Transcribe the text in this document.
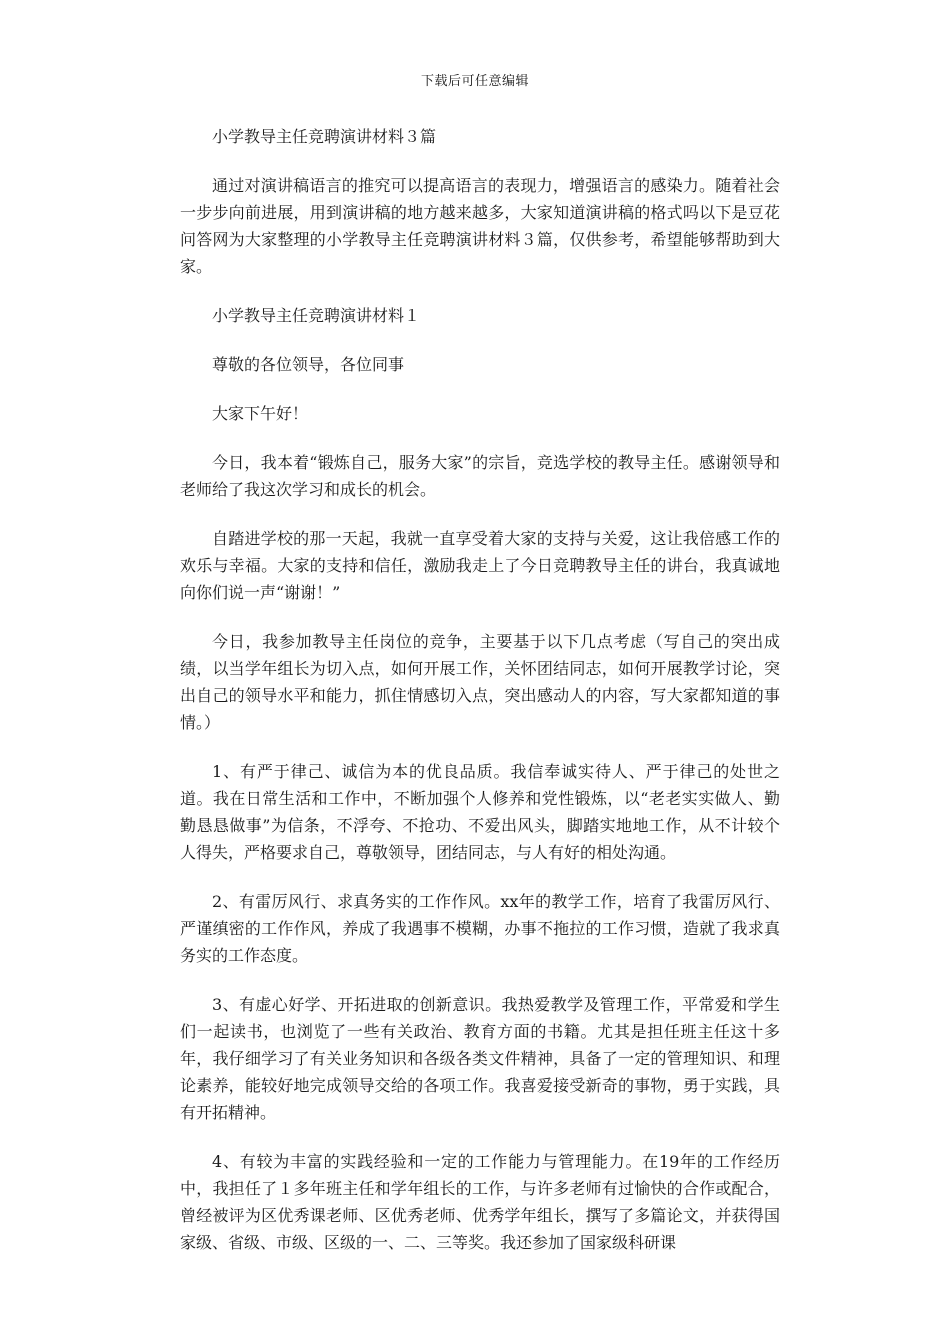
下载后可任意编辑

小学教导主任竞聘演讲材料３篇

通过对演讲稿语言的推究可以提高语言的表现力，增强语言的感染力。随着社会一步步向前进展，用到演讲稿的地方越来越多，大家知道演讲稿的格式吗以下是豆花问答网为大家整理的小学教导主任竞聘演讲材料３篇，仅供参考，希望能够帮助到大家。

小学教导主任竞聘演讲材料１

尊敬的各位领导，各位同事

大家下午好！

今日，我本着“锻炼自己，服务大家”的宗旨，竞选学校的教导主任。感谢领导和老师给了我这次学习和成长的机会。

自踏进学校的那一天起，我就一直享受着大家的支持与关爱，这让我倍感工作的欢乐与幸福。大家的支持和信任，激励我走上了今日竞聘教导主任的讲台，我真诚地向你们说一声“谢谢！”

今日，我参加教导主任岗位的竞争，主要基于以下几点考虑（写自己的突出成绩，以当学年组长为切入点，如何开展工作，关怀团结同志，如何开展教学讨论，突出自己的领导水平和能力，抓住情感切入点，突出感动人的内容，写大家都知道的事情。）

1、有严于律己、诚信为本的优良品质。我信奉诚实待人、严于律己的处世之道。我在日常生活和工作中，不断加强个人修养和党性锻炼，以“老老实实做人、勤勤恳恳做事”为信条，不浮夸、不抢功、不爱出风头，脚踏实地地工作，从不计较个人得失，严格要求自己，尊敬领导，团结同志，与人有好的相处沟通。

2、有雷厉风行、求真务实的工作作风。xx年的教学工作，培育了我雷厉风行、严谨缜密的工作作风，养成了我遇事不模糊，办事不拖拉的工作习惯，造就了我求真务实的工作态度。

3、有虚心好学、开拓进取的创新意识。我热爱教学及管理工作，平常爱和学生们一起读书，也浏览了一些有关政治、教育方面的书籍。尤其是担任班主任这十多年，我仔细学习了有关业务知识和各级各类文件精神，具备了一定的管理知识、和理论素养，能较好地完成领导交给的各项工作。我喜爱接受新奇的事物，勇于实践，具有开拓精神。

4、有较为丰富的实践经验和一定的工作能力与管理能力。在19年的工作经历中，我担任了１多年班主任和学年组长的工作，与许多老师有过愉快的合作或配合，曾经被评为区优秀课老师、区优秀老师、优秀学年组长，撰写了多篇论文，并获得国家级、省级、市级、区级的一、二、三等奖。我还参加了国家级科研课
